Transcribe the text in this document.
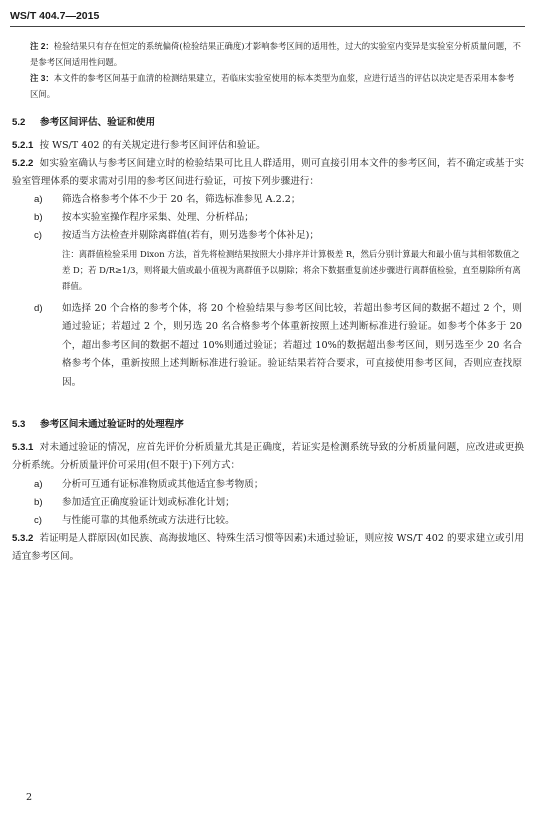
WS/T 404.7—2015
注 2：检验结果只有存在恒定的系统偏倚(检验结果正确度)才影响参考区间的适用性，过大的实验室内变异是实验室分析质量问题，不是参考区间适用性问题。
注 3：本文件的参考区间基于血清的检测结果建立，若临床实验室使用的标本类型为血浆，应进行适当的评估以决定是否采用本参考区间。
5.2 参考区间评估、验证和使用
5.2.1 按 WS/T 402 的有关规定进行参考区间评估和验证。
5.2.2 如实验室确认与参考区间建立时的检验结果可比且人群适用，则可直接引用本文件的参考区间，若不确定或基于实验室管理体系的要求需对引用的参考区间进行验证，可按下列步骤进行：
a) 筛选合格参考个体不少于 20 名，筛选标准参见 A.2.2；
b) 按本实验室操作程序采集、处理、分析样品；
c) 按适当方法检查并剔除离群值(若有，则另选参考个体补足)；
注：离群值检验采用 Dixon 方法，首先将检测结果按照大小排序并计算极差 R，然后分别计算最大和最小值与其相邻数值之差 D；若 D/R≥1/3，则将最大值或最小值视为离群值予以剔除；将余下数据重复前述步骤进行离群值检验，直至剔除所有离群值。
d) 如选择 20 个合格的参考个体，将 20 个检验结果与参考区间比较，若超出参考区间的数据不超过 2 个，则通过验证；若超过 2 个，则另选 20 名合格参考个体重新按照上述判断标准进行验证。如参考个体多于 20 个，超出参考区间的数据不超过 10%则通过验证；若超过 10%的数据超出参考区间，则另选至少 20 名合格参考个体，重新按照上述判断标准进行验证。验证结果若符合要求，可直接使用参考区间，否则应查找原因。
5.3 参考区间未通过验证时的处理程序
5.3.1 对未通过验证的情况，应首先评价分析质量尤其是正确度，若证实是检测系统导致的分析质量问题，应改进或更换分析系统。分析质量评价可采用(但不限于)下列方式：
a) 分析可互通有证标准物质或其他适宜参考物质；
b) 参加适宜正确度验证计划或标准化计划；
c) 与性能可靠的其他系统或方法进行比较。
5.3.2 若证明是人群原因(如民族、高海拔地区、特殊生活习惯等因素)未通过验证，则应按 WS/T 402 的要求建立或引用适宜参考区间。
2
